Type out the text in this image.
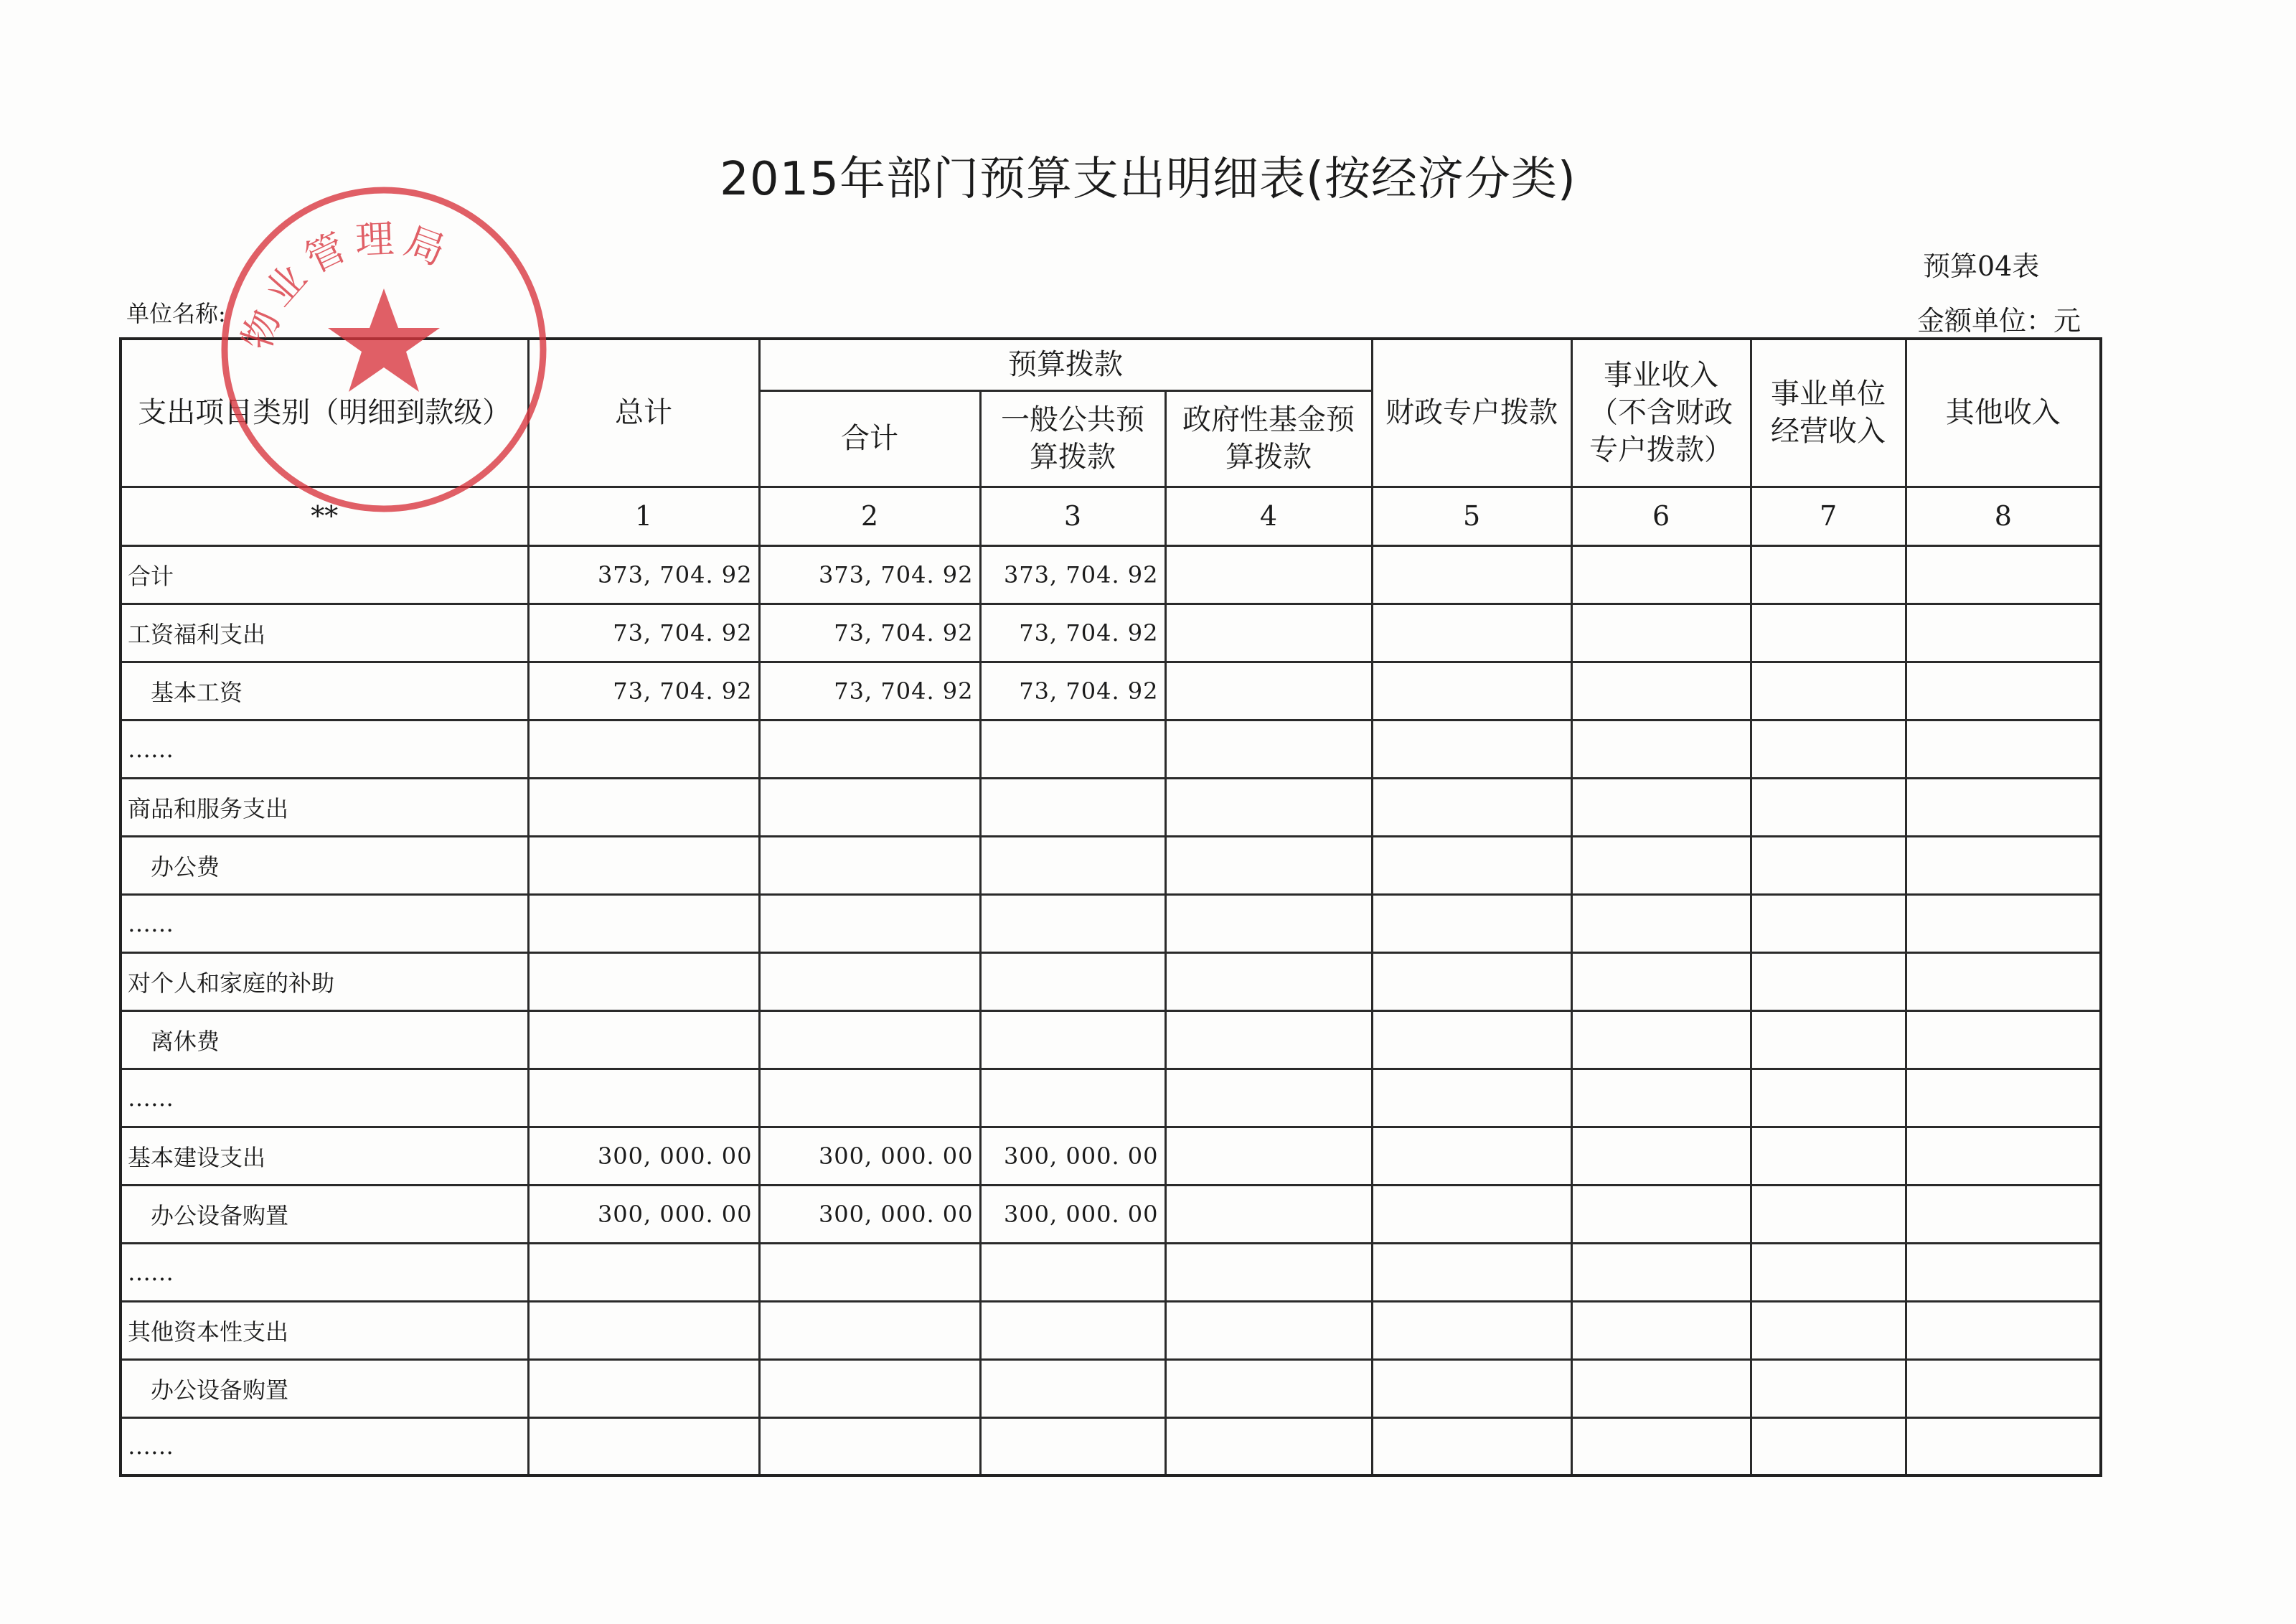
2015年部门预算支出明细表(按经济分类)
预算04表
单位名称:	金额单位：元
支出项目类别（明细到款级）	总计	预算拨款			财政专户拨款	事业收入（不含财政专户拨款）	事业单位经营收入	其他收入
		合计	一般公共预算拨款	政府性基金预算拨款				
**	1	2	3	4	5	6	7	8
合计	373, 704. 92	373, 704. 92	373, 704. 92					
工资福利支出	73, 704. 92	73, 704. 92	73, 704. 92					
基本工资	73, 704. 92	73, 704. 92	73, 704. 92					
……								
商品和服务支出								
办公费								
……								
对个人和家庭的补助								
离休费								
……								
基本建设支出	300, 000. 00	300, 000. 00	300, 000. 00					
办公设备购置	300, 000. 00	300, 000. 00	300, 000. 00					
……								
其他资本性支出								
办公设备购置								
……								
物业管理局
